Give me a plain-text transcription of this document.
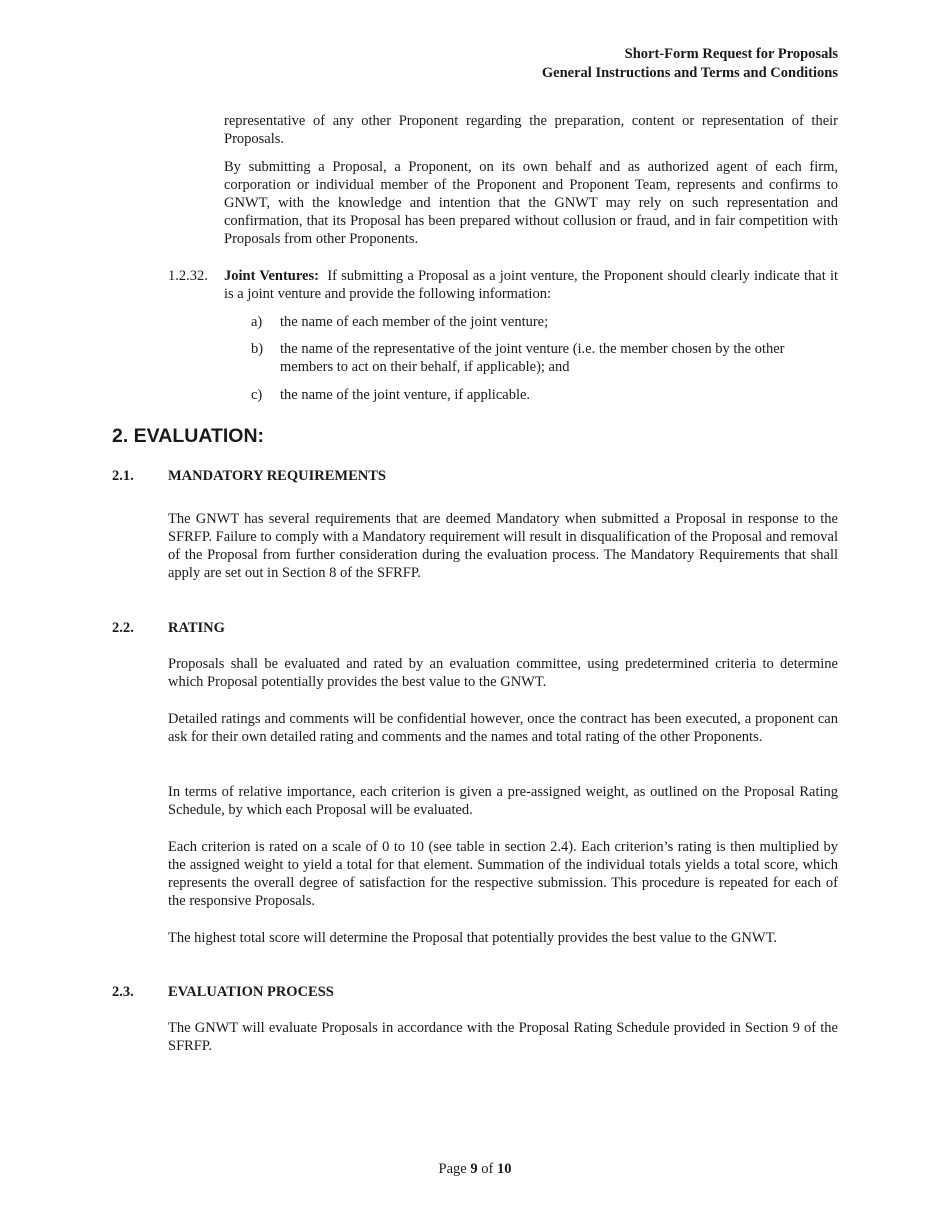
Short-Form Request for Proposals
General Instructions and Terms and Conditions

representative of any other Proponent regarding the preparation, content or representation of their Proposals.

By submitting a Proposal, a Proponent, on its own behalf and as authorized agent of each firm, corporation or individual member of the Proponent and Proponent Team, represents and confirms to GNWT, with the knowledge and intention that the GNWT may rely on such representation and confirmation, that its Proposal has been prepared without collusion or fraud, and in fair competition with Proposals from other Proponents.

1.2.32. Joint Ventures: If submitting a Proposal as a joint venture, the Proponent should clearly indicate that it is a joint venture and provide the following information:

a) the name of each member of the joint venture;
b) the name of the representative of the joint venture (i.e. the member chosen by the other members to act on their behalf, if applicable); and
c) the name of the joint venture, if applicable.
2. EVALUATION:
2.1. MANDATORY REQUIREMENTS

The GNWT has several requirements that are deemed Mandatory when submitted a Proposal in response to the SFRFP. Failure to comply with a Mandatory requirement will result in disqualification of the Proposal and removal of the Proposal from further consideration during the evaluation process. The Mandatory Requirements that shall apply are set out in Section 8 of the SFRFP.

2.2. RATING

Proposals shall be evaluated and rated by an evaluation committee, using predetermined criteria to determine which Proposal potentially provides the best value to the GNWT.

Detailed ratings and comments will be confidential however, once the contract has been executed, a proponent can ask for their own detailed rating and comments and the names and total rating of the other Proponents.

In terms of relative importance, each criterion is given a pre-assigned weight, as outlined on the Proposal Rating Schedule, by which each Proposal will be evaluated.

Each criterion is rated on a scale of 0 to 10 (see table in section 2.4). Each criterion’s rating is then multiplied by the assigned weight to yield a total for that element. Summation of the individual totals yields a total score, which represents the overall degree of satisfaction for the respective submission. This procedure is repeated for each of the responsive Proposals.

The highest total score will determine the Proposal that potentially provides the best value to the GNWT.

2.3. EVALUATION PROCESS

The GNWT will evaluate Proposals in accordance with the Proposal Rating Schedule provided in Section 9 of the SFRFP.

Page 9 of 10
